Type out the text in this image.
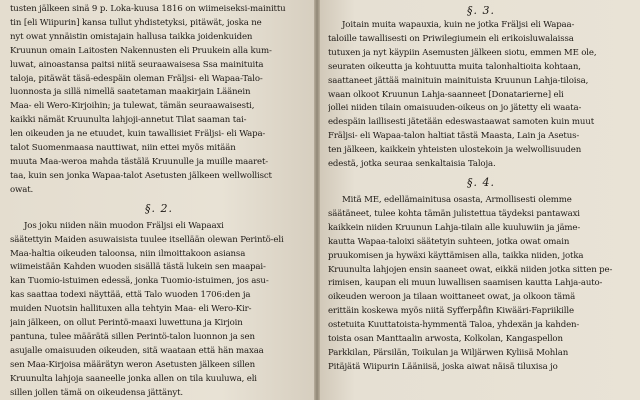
tusten jälkeen sinä 9 p. Loka-kuusa 1816 on wiimeiseksi-mainittu
tin [eli Wiipurin] kansa tullut yhdistetyksi, pitäwät, joska ne
nyt owat ynnäistin omistajain hallusa taikka joidenkuiden
Kruunun omain Laitosten Nakennusten eli Pruukein alla kum-
luwat, ainoastansa paitsi niitä seuraawaisesa Ssa mainituita
taloja, pitäwät täsä-edespäin oleman Fräljsi- eli Wapaa-Talo-
luonnosta ja sillä nimellä saatetaman maakirjain Läänein
Maa- eli Wero-Kirjoihin; ja tulewat, tämän seuraawaisesti,
kaikki nämät Kruunulta lahjoji-annetut Tilat saaman tai-
len oikeuden ja ne etuudet, kuin tawallisiet Fräljsi- eli Wapa-
talot Suomenmaasa nauttiwat, niin ettei myös mitään
muuta Maa-weroa mahda tästälä Kruunulle ja muille maaret-
taa, kuin sen jonka Wapaa-talot Asetusten jälkeen wellwollisct
owat.
§. 2.
Jos joku niiden näin muodon Fräljsi eli Wapaaxi
säätettyin Maiden asuwaisista tuulee itsellään olewan Perintö-eli
Maa-haltia oikeuden taloonsa, niin ilmoittakoon asiansa
wiimeistään Kahden wuoden sisällä tästä lukein sen maapai-
kan Tuomio-istuimen edessä, jonka Tuomio-istuimen, jos asu-
kas saattaa todexi näyttää, että Talo wuoden 1706:den ja
muiden Nuotsin hallituxen alla tehtyin Maa- eli Wero-Kir-
jain jälkeen, on ollut Perintö-maaxi luwettuna ja Kirjoin
pantuna, tulee määrätä sillen Perintö-talon luonnon ja sen
asujalle omaisuuden oikeuden, sitä waataan että hän maxaa
sen Maa-Kirjoisa määrätyn weron Asetusten jälkeen sillen
Kruunulta lahjoja saaneelle jonka allen on tila kuuluwa, eli
sillen jollen tämä on oikeudensa jättänyt.
§. 3.
Joitain muita wapauxia, kuin ne jotka Fräljsi eli Wapaa-
taloille tawallisesti on Priwilegiumein eli erikoisluwalaissa
tutuxen ja nyt käypiin Asemusten jälkeen siotu, emmen ME ole,
seuraten oikeutta ja kohtuutta muita talonhaltioita kohtaan,
saattaneet jättää mainituin mainituista Kruunun Lahja-tiloisa,
waan olkoot Kruunun Lahja-saanneet [Donatarierne] eli
jollei niiden tilain omaisuuden-oikeus on jo jätetty eli waata-
edespäin laillisesti jätetään edeswastaawat samoten kuin muut
Fräljsi- eli Wapaa-talon haltiat tästä Maasta, Lain ja Asetus-
ten jälkeen, kaikkein yhteisten ulostekoin ja welwollisuuden
edestä, jotka seuraa senkaltaisia Taloja.
§. 4.
Mitä ME, edellämainitusa osasta, Armollisesti olemme
säätäneet, tulee kohta tämän julistettua täydeksi pantawaxi
kaikkein niiden Kruunun Lahja-tilain alle kuuluwiin ja jäme-
kautta Wapaa-taloixi säätetyin suhteen, jotka owat omain
pruukomisen ja hywäxi käyttämisen alla, taikka niiden, jotka
Kruunulta lahjojen ensin saaneet owat, eikkä niiden jotka sitten pe-
rimisen, kaupan eli muun luwallisen saamisen kautta Lahja-auto-
oikeuden weroon ja tilaan woittaneet owat, ja olkoon tämä
erittäin koskewa myös niitä Syfferpåfin Kiwääri-Fapriikille
ostetuita Kuuttatoista-hymmentä Taloa, yhdexän ja kahden-
toista osan Manttaalin arwosta, Kolkolan, Kangaspellon
Parkkilan, Pärsilän, Toikulan ja Wiljärwen Kyliisä Mohlan
Pitäjätä Wiipurin Lääniisä, joska aiwat näisä tiluxisa jo
